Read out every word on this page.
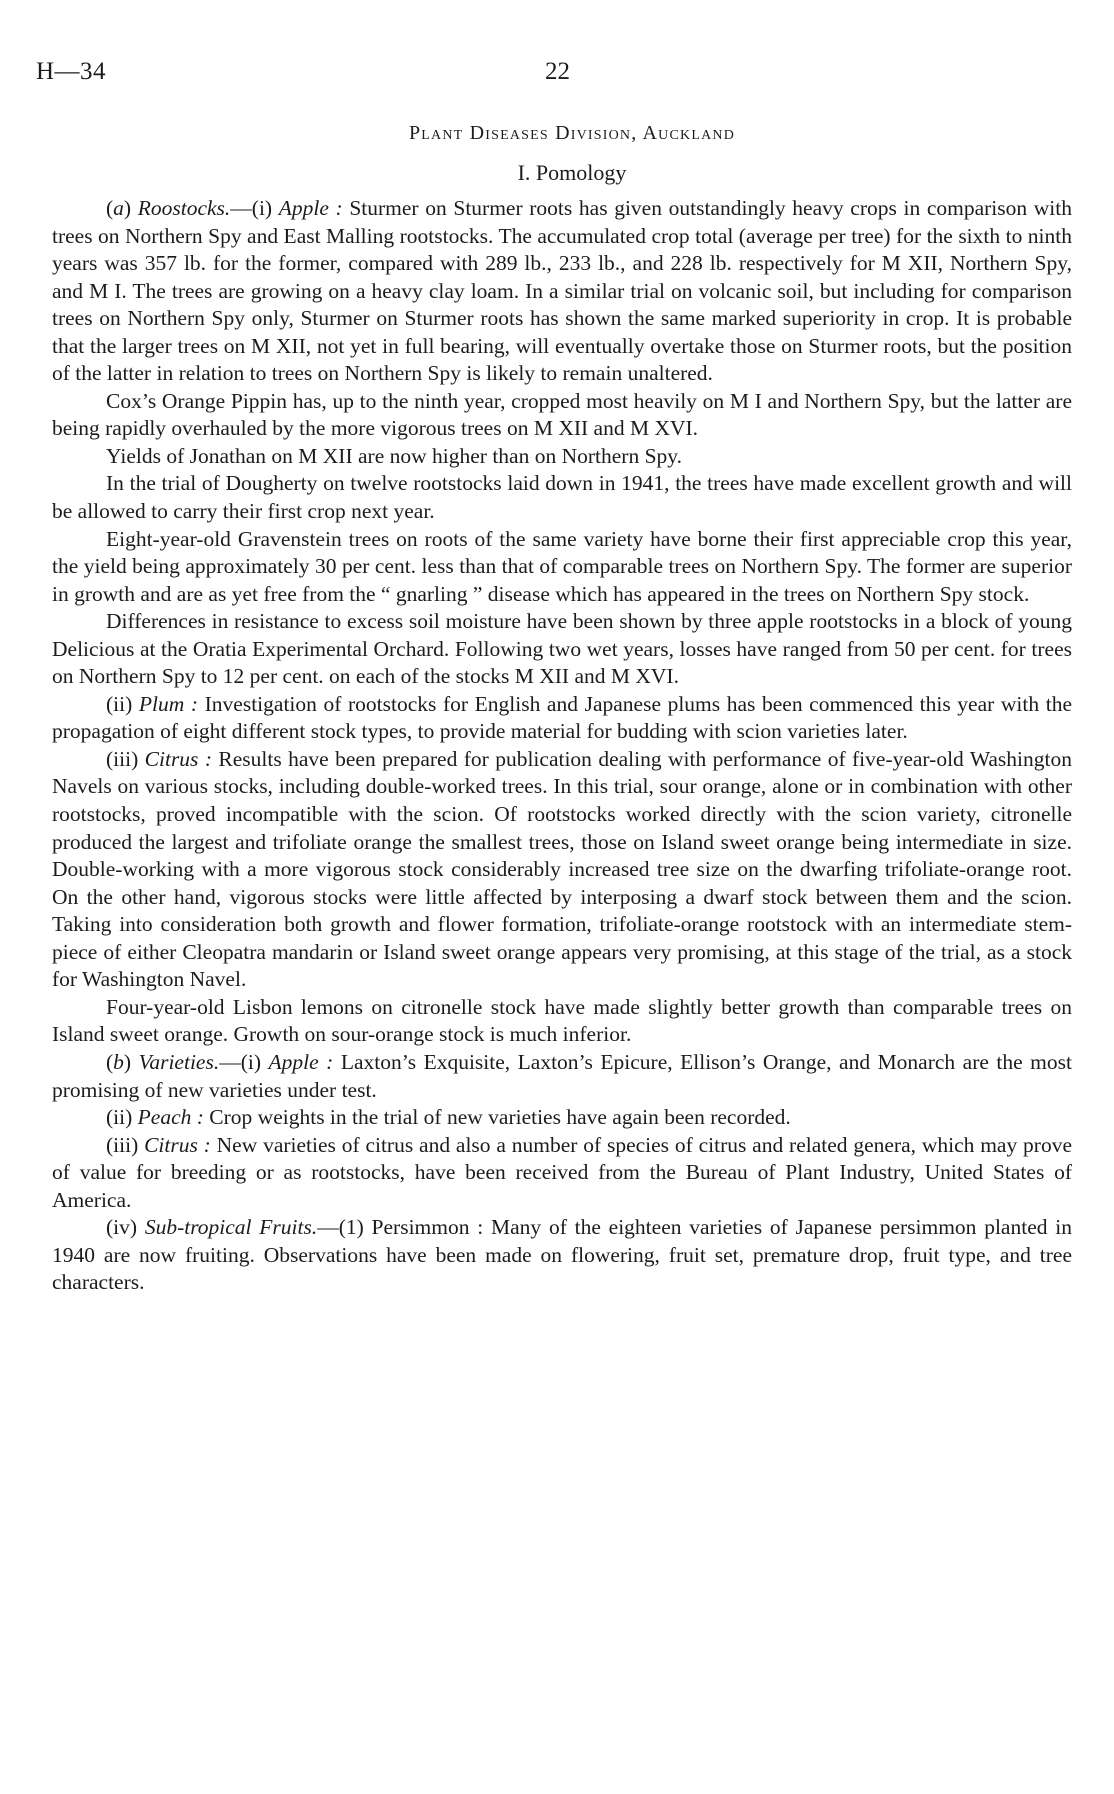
H—34	22
Plant Diseases Division, Auckland
I. Pomology

(a) Roostocks.—(i) Apple : Sturmer on Sturmer roots has given outstandingly heavy crops in comparison with trees on Northern Spy and East Malling rootstocks. The accumulated crop total (average per tree) for the sixth to ninth years was 357 lb. for the former, compared with 289 lb., 233 lb., and 228 lb. respectively for M XII, Northern Spy, and M I. The trees are growing on a heavy clay loam. In a similar trial on volcanic soil, but including for comparison trees on Northern Spy only, Sturmer on Sturmer roots has shown the same marked superiority in crop. It is probable that the larger trees on M XII, not yet in full bearing, will eventually overtake those on Sturmer roots, but the position of the latter in relation to trees on Northern Spy is likely to remain unaltered.

Cox’s Orange Pippin has, up to the ninth year, cropped most heavily on M I and Northern Spy, but the latter are being rapidly overhauled by the more vigorous trees on M XII and M XVI.

Yields of Jonathan on M XII are now higher than on Northern Spy.

In the trial of Dougherty on twelve rootstocks laid down in 1941, the trees have made excellent growth and will be allowed to carry their first crop next year.

Eight-year-old Gravenstein trees on roots of the same variety have borne their first appreciable crop this year, the yield being approximately 30 per cent. less than that of comparable trees on Northern Spy. The former are superior in growth and are as yet free from the “ gnarling ” disease which has appeared in the trees on Northern Spy stock.

Differences in resistance to excess soil moisture have been shown by three apple rootstocks in a block of young Delicious at the Oratia Experimental Orchard. Following two wet years, losses have ranged from 50 per cent. for trees on Northern Spy to 12 per cent. on each of the stocks M XII and M XVI.

(ii) Plum : Investigation of rootstocks for English and Japanese plums has been commenced this year with the propagation of eight different stock types, to provide material for budding with scion varieties later.

(iii) Citrus : Results have been prepared for publication dealing with performance of five-year-old Washington Navels on various stocks, including double-worked trees. In this trial, sour orange, alone or in combination with other rootstocks, proved incompatible with the scion. Of rootstocks worked directly with the scion variety, citronelle produced the largest and trifoliate orange the smallest trees, those on Island sweet orange being intermediate in size. Double-working with a more vigorous stock considerably increased tree size on the dwarfing trifoliate-orange root. On the other hand, vigorous stocks were little affected by interposing a dwarf stock between them and the scion. Taking into consideration both growth and flower formation, trifoliate-orange rootstock with an intermediate stem-piece of either Cleopatra mandarin or Island sweet orange appears very promising, at this stage of the trial, as a stock for Washington Navel.

Four-year-old Lisbon lemons on citronelle stock have made slightly better growth than comparable trees on Island sweet orange. Growth on sour-orange stock is much inferior.

(b) Varieties.—(i) Apple : Laxton’s Exquisite, Laxton’s Epicure, Ellison’s Orange, and Monarch are the most promising of new varieties under test.

(ii) Peach : Crop weights in the trial of new varieties have again been recorded.

(iii) Citrus : New varieties of citrus and also a number of species of citrus and related genera, which may prove of value for breeding or as rootstocks, have been received from the Bureau of Plant Industry, United States of America.

(iv) Sub-tropical Fruits.—(1) Persimmon : Many of the eighteen varieties of Japanese persimmon planted in 1940 are now fruiting. Observations have been made on flowering, fruit set, premature drop, fruit type, and tree characters.
